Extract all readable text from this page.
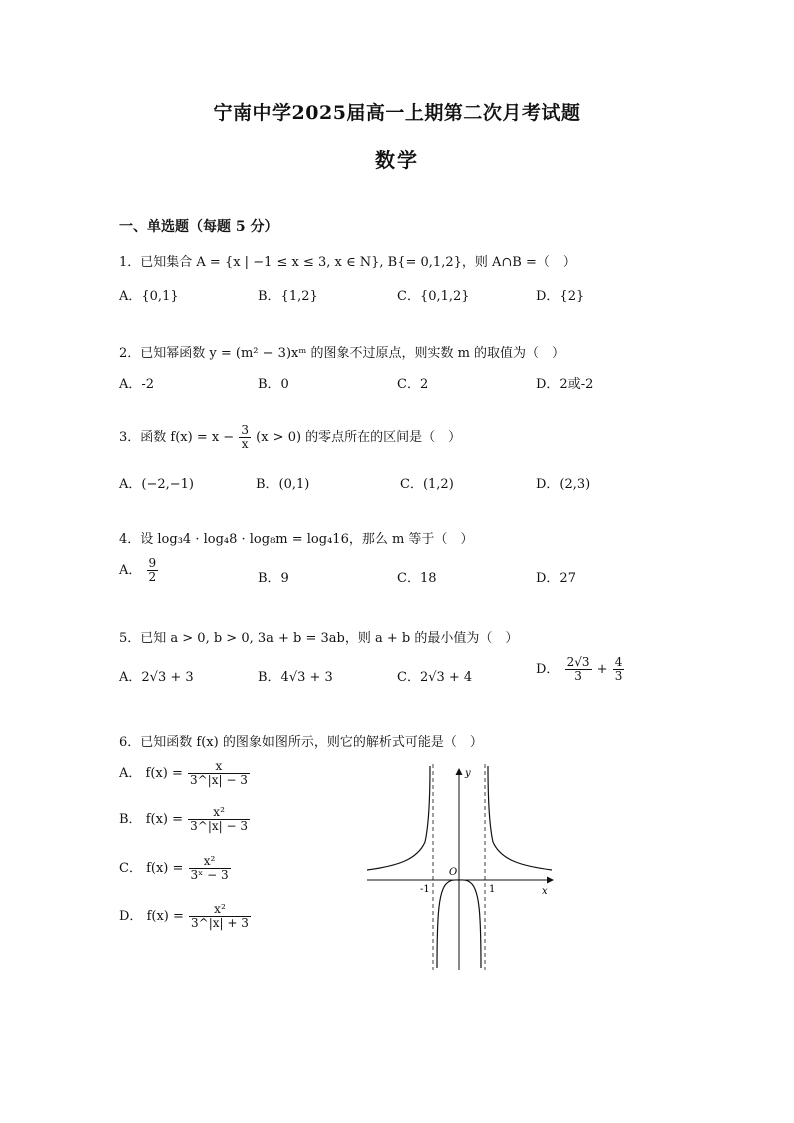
宁南中学2025届高一上期第二次月考试题
数学
一、单选题（每题 5 分）
1．已知集合 A = {x | −1 ≤ x ≤ 3, x ∈ N}, B{= 0,1,2}，则 A∩B =（　）
A．{0,1}	B．{1,2}	C．{0,1,2}	D．{2}
2．已知幂函数 y = (m² − 3)xᵐ 的图象不过原点，则实数 m 的取值为（　）
A．-2	B．0	C．2	D．2或-2
3．函数 $f(x) = x - \frac{3}{x} (x > 0)$ 的零点所在的区间是（　）
A．(−2,−1)	B．(0,1)	C．(1,2)	D．(2,3)
4．设 log₃4 · log₄8 · log₈m = log₄16，那么 m 等于（　）
A． $\frac{9}{2}$	B．9	C．18	D．27
5．已知 a > 0, b > 0, 3a + b = 3ab，则 a + b 的最小值为（　）
A．2√3 + 3	B．4√3 + 3	C．2√3 + 4
D． $\frac{2√3}{3} + \frac{4}{3}$
6．已知函数 f(x) 的图象如图所示，则它的解析式可能是（　）
A． $f(x) = \frac{x}{3\^{}|x| - 3}$
B． $f(x) = \frac{\text{x²}}{3\^{}|x| - 3}$
C． $f(x) = \frac{\text{x²}}{\text{3ˣ − 3}}$
D． $f(x) = \frac{\text{x²}}{3\^{}|x| + 3}$
y
x
O
-1	1
